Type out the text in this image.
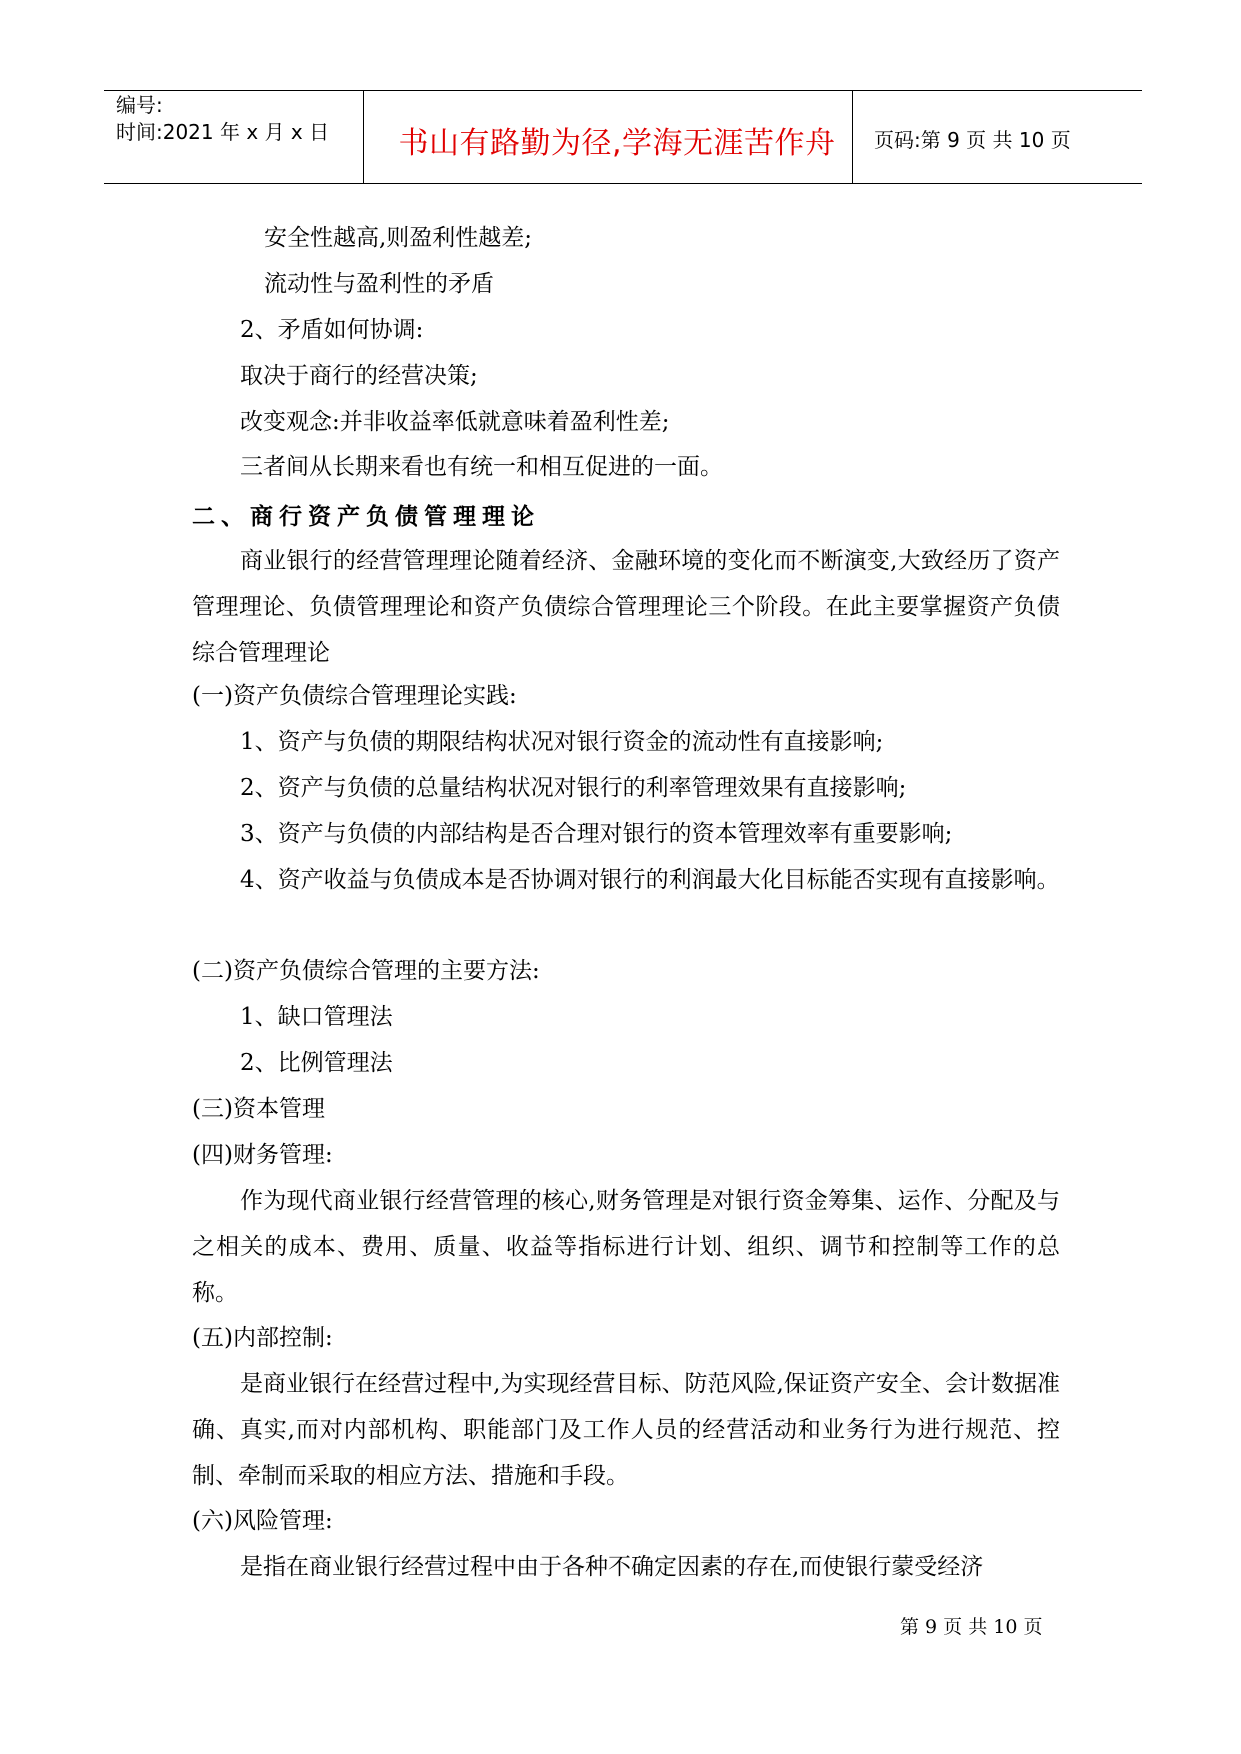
编号:
时间:2021 年 x 月 x 日	书山有路勤为径,学海无涯苦作舟	页码:第 9 页 共 10 页
安全性越高,则盈利性越差;
流动性与盈利性的矛盾
2、矛盾如何协调:
取决于商行的经营决策;
改变观念:并非收益率低就意味着盈利性差;
三者间从长期来看也有统一和相互促进的一面。
二、商行资产负债管理理论
商业银行的经营管理理论随着经济、金融环境的变化而不断演变,大致经历了资产管理理论、负债管理理论和资产负债综合管理理论三个阶段。在此主要掌握资产负债综合管理理论
(一)资产负债综合管理理论实践:
1、资产与负债的期限结构状况对银行资金的流动性有直接影响;
2、资产与负债的总量结构状况对银行的利率管理效果有直接影响;
3、资产与负债的内部结构是否合理对银行的资本管理效率有重要影响;
4、资产收益与负债成本是否协调对银行的利润最大化目标能否实现有直接影响。
(二)资产负债综合管理的主要方法:
1、缺口管理法
2、比例管理法
(三)资本管理
(四)财务管理:
作为现代商业银行经营管理的核心,财务管理是对银行资金筹集、运作、分配及与之相关的成本、费用、质量、收益等指标进行计划、组织、调节和控制等工作的总称。
(五)内部控制:
是商业银行在经营过程中,为实现经营目标、防范风险,保证资产安全、会计数据准确、真实,而对内部机构、职能部门及工作人员的经营活动和业务行为进行规范、控制、牵制而采取的相应方法、措施和手段。
(六)风险管理:
是指在商业银行经营过程中由于各种不确定因素的存在,而使银行蒙受经济
第 9 页 共 10 页
